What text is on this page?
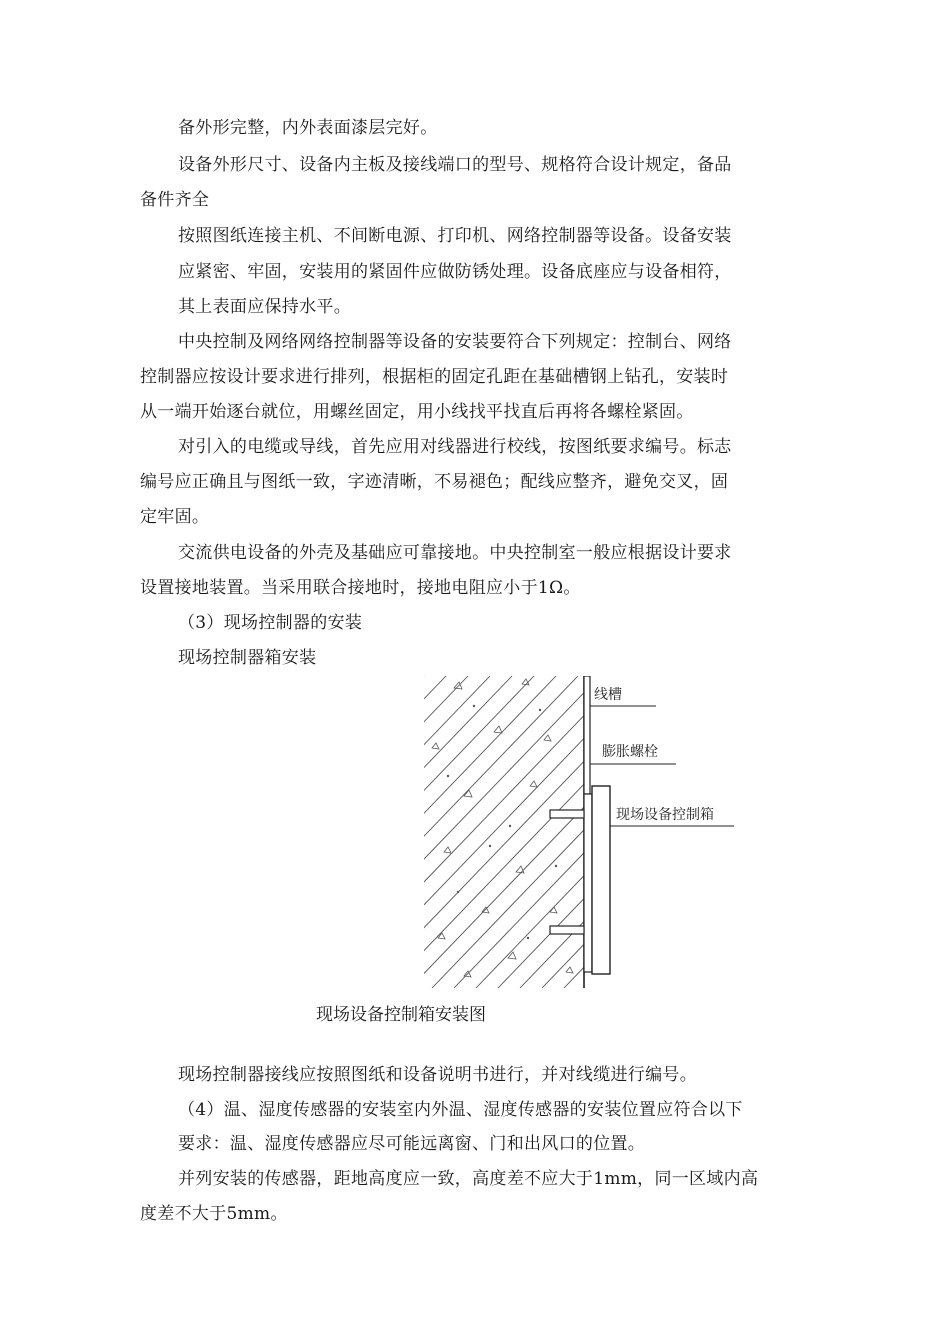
备外形完整，内外表面漆层完好。
设备外形尺寸、设备内主板及接线端口的型号、规格符合设计规定，备品
备件齐全
按照图纸连接主机、不间断电源、打印机、网络控制器等设备。设备安装
应紧密、牢固，安装用的紧固件应做防锈处理。设备底座应与设备相符，
其上表面应保持水平。
中央控制及网络网络控制器等设备的安装要符合下列规定：控制台、网络
控制器应按设计要求进行排列，根据柜的固定孔距在基础槽钢上钻孔，安装时
从一端开始逐台就位，用螺丝固定，用小线找平找直后再将各螺栓紧固。
对引入的电缆或导线，首先应用对线器进行校线，按图纸要求编号。标志
编号应正确且与图纸一致，字迹清晰，不易褪色；配线应整齐，避免交叉，固
定牢固。
交流供电设备的外壳及基础应可靠接地。中央控制室一般应根据设计要求
设置接地装置。当采用联合接地时，接地电阻应小于1Ω。
（3）现场控制器的安装
现场控制器箱安装
线槽
膨胀螺栓
现场设备控制箱
现场设备控制箱安装图
现场控制器接线应按照图纸和设备说明书进行，并对线缆进行编号。
（4）温、湿度传感器的安装室内外温、湿度传感器的安装位置应符合以下
要求：温、湿度传感器应尽可能远离窗、门和出风口的位置。
并列安装的传感器，距地高度应一致，高度差不应大于1mm，同一区域内高
度差不大于5mm。
